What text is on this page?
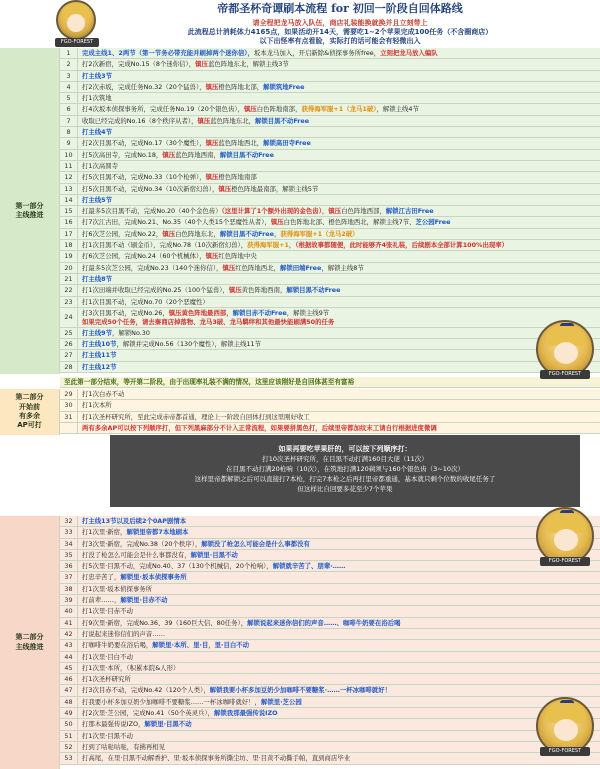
FGO-FOREST
帝都圣杯奇谭刷本流程 for 初回一阶段自回体路线
请全程把龙马放入队伍，商店礼装能换就换并且立刻带上
此流程总计消耗体力4165点，如果活动开14天，需要吃1~2个苹果完成100任务（不含圈商店）
以下出怪率有点看脸，实际打的话可能会有轻微出入
第一部分
主线推进
1	完成主线1、2两节（第一节务必带充能并刷掉两个迷你信），坂本龙马加入，开启新除&侦探事务所free，立刻把龙马放入编队
2	打2次新宿，完成No.15（8个迷你信），镇压蓝色阵地东北，解锁主线3节
3	打主线3节
4	打2次赤坂，完成任务No.32（20个猛兽），镇压橙色阵地北部，解锁筑地Free
5	打1次筑地
6	打4次坂本侦探事务所，完成任务No.19（20个银色齿），镇压白色阵地南部，获得海军服+1（龙马1破），解锁主线4节
7	收取已经完成的No.16（8个秩序从者），镇压蓝色阵地东北，解锁目黒不动Free
8	打主线4节
9	打2次目黒不动，完成No.17（30个魔性），镇压蓝色阵地西北，解锁高田寺Free
10	打5次高田寺，完成No.18，镇压蓝色阵地西南，解锁目黒不动Free
11	打1次高圆寺
12	打5次目黒不动，完成No.33（10个枪弹），镇压橙色阵地南部
13	打5次目黒不动，完成No.34（10次新宿幻兽），镇压橙色阵地最南部，解锁主线5节
14	打主线5节
15	打最多5次目黒不动，完成No.20（40个金色齿）（这里计算了1个额外出现的金色齿），镇压白色阵地西部，解锁江古田Free
16	打7次江古田，完成No.21、No.35（40个人类15个恶魔性从者），镇压白色阵地北部、橙色阵地西北，解锁主线7节、芝公园Free
17	打6次芝公园，完成No.22，镇压白色阵地东北，解锁目黒不动Free，获得海军服+1（龙马2破）
18	打1次目黒不动（刷金币），完成No.78（10次新宿幻兽），获得海军服+1，（根据故事都随便，此时能够齐4张礼装，后续剧本全部计算100%出现率）
19	打6次芝公园，完成No.24（60个机械体），镇压红色阵地中央
20	打最多5次芝公园，完成No.23（140个迷你信），镇压红色阵地西北，解锁田端Free，解锁主线8节
21	打主线8节
22	打1次田端并收取已经完成的No.25（100个猛兽），镇压黄色阵地西南，解锁目黒不动Free
23	打1次目黒不动，完成No.70（20个恶魔性）
24	打3次目黒不动，完成No.26，镇压黄色阵地最西部，解锁目赤不动Free，解锁主线9节
如果完成50个任务，请去秦商店掉落物、龙马3破、龙马羁绊和其他最快能刷满50的任务
25	打主线9节，解锁No.30
26	打主线10节，解锁并完成No.56（130个魔性），解锁主线11节
27	打主线11节
28	打主线12节
至此第一部分结束，等开第二阶段，由于出现率礼装不满的情况，这里应该刚好是自回体甚至有富裕
第二部分
开始前
有多余
AP可打
29	打1次白赤不动
30	打1次本所
31	打1次圣杯研究所，至此完成赤帝都首通，理论上一阶段自回体打到这里刚好收工
两有多余AP可以按下列顺序打，但下列黑麻部分不计入正常流程，如果要拼黑色打，后续里帝都加纹末工请自行根据进度微调
如果再要吃苹果肝的，可以按下列顺序打：
打10次圣杯研究所，在目黒不动打满160目大佬（11次）
在目黒不动打满20枪响（10次），在筑地打满120剃须与160个银色齿（3~10次）
这样里帝都解锁之后可以直接打7本枪，打完7本枪之后再打里帝都重通，基本就只剩个位数的收尾任务了
但这样比自回要多花至少7个苹果
第二部分
主线推进
32	打主线13节以及后续2个0AP剧情本
33	打1次里·新宿，解锁里帝都7本地刷本
34	打3次里·新宿，完成No.38（20个秩序），解锁没了枪怎么可能会是什么事都没有
35	打没了枪怎么可能会是什么事都没有，解锁里·目黑不动
36	打5次里·目黑不动，完成No.40、37（130个机械信，20个枪响），解锁就辛苦了、朋辈·……
37	打忠辛苦了，解锁里·坂本侦探事务所
38	打1次里·坂本侦探事务所
39	打前辈……，解锁里·目赤不动
40	打1次里·目赤不动
41	打9次里·新宿，完成No.36、39（160巨大信、80任务），解锁说起来迷你信们的声音……、咖啡牛奶要在浴后喝
42	打说起来迷你信们的声音……
43	打咖啡牛奶要在浴后喝，解锁里·本所、里·目，里·目白不动
44	打1次里·目白不动
45	打1次里·本所，（积累本院&人形）
46	打1次圣杯研究所
47	打3次目赤不动，完成No.42（120个人类），解锁我要小杯多加豆奶少加咖啡不要糖浆·……一杯冰咖啡就好！
48	打我要小杯多加豆奶少加咖啡不要糖浆……一杯冰咖啡就好！，解锁里·芝公园
49	打2次里·芝公园，完成No.41（50个英灵兵），解锁我那最强传说IZO
50	打那木最强传说IZO，解锁里·目黑不动
51	打1次里·目黑不动
52	打到了咕哒咕哒，有拂再相见
53	打高尾，在里·目黑不动解香护、里·坂本侦探事务所撕尘坊、里·目黄不动撕手帕，直到商店毕业
FGO-FOREST
FGO-FOREST
FGO-FOREST
